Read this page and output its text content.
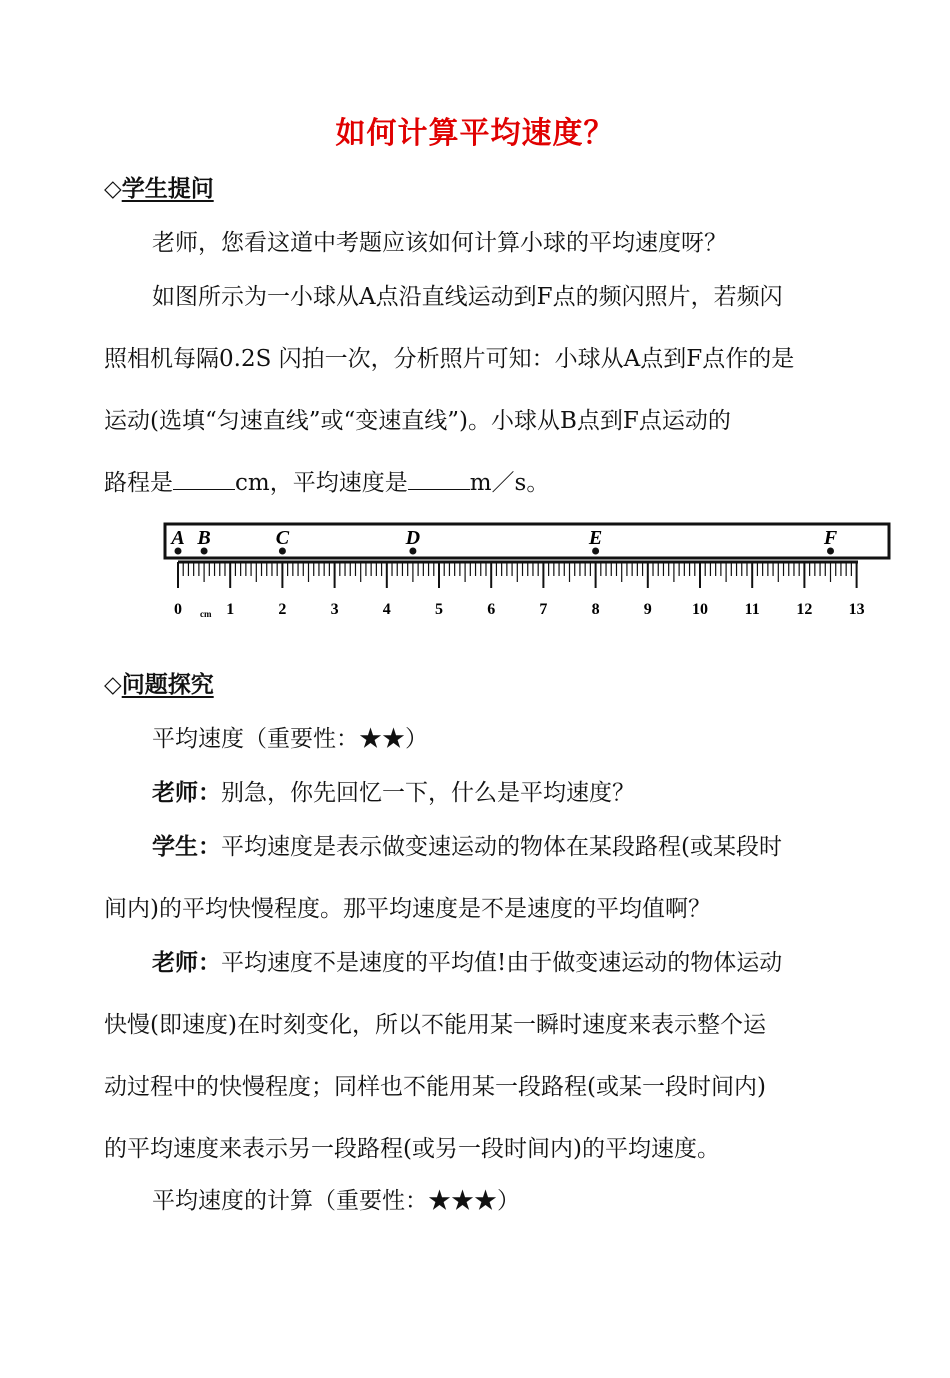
如何计算平均速度？
◇学生提问
老师，您看这道中考题应该如何计算小球的平均速度呀？
如图所示为一小球从A点沿直线运动到F点的频闪照片，若频闪
照相机每隔0.2S 闪拍一次，分析照片可知：小球从A点到F点作的是
运动(选填“匀速直线”或“变速直线”)。小球从B点到F点运动的
路程是	cm，平均速度是	m／s。
A B	C	D	E	F
0	1	2	3	4	5	6	7	8	9	10 11 12 13
cm
◇问题探究
平均速度（重要性：★★）
老师：别急，你先回忆一下，什么是平均速度？
学生：平均速度是表示做变速运动的物体在某段路程(或某段时
间内)的平均快慢程度。那平均速度是不是速度的平均值啊？
老师：平均速度不是速度的平均值!由于做变速运动的物体运动
快慢(即速度)在时刻变化，所以不能用某一瞬时速度来表示整个运
动过程中的快慢程度；同样也不能用某一段路程(或某一段时间内)
的平均速度来表示另一段路程(或另一段时间内)的平均速度。
平均速度的计算（重要性：★★★）
